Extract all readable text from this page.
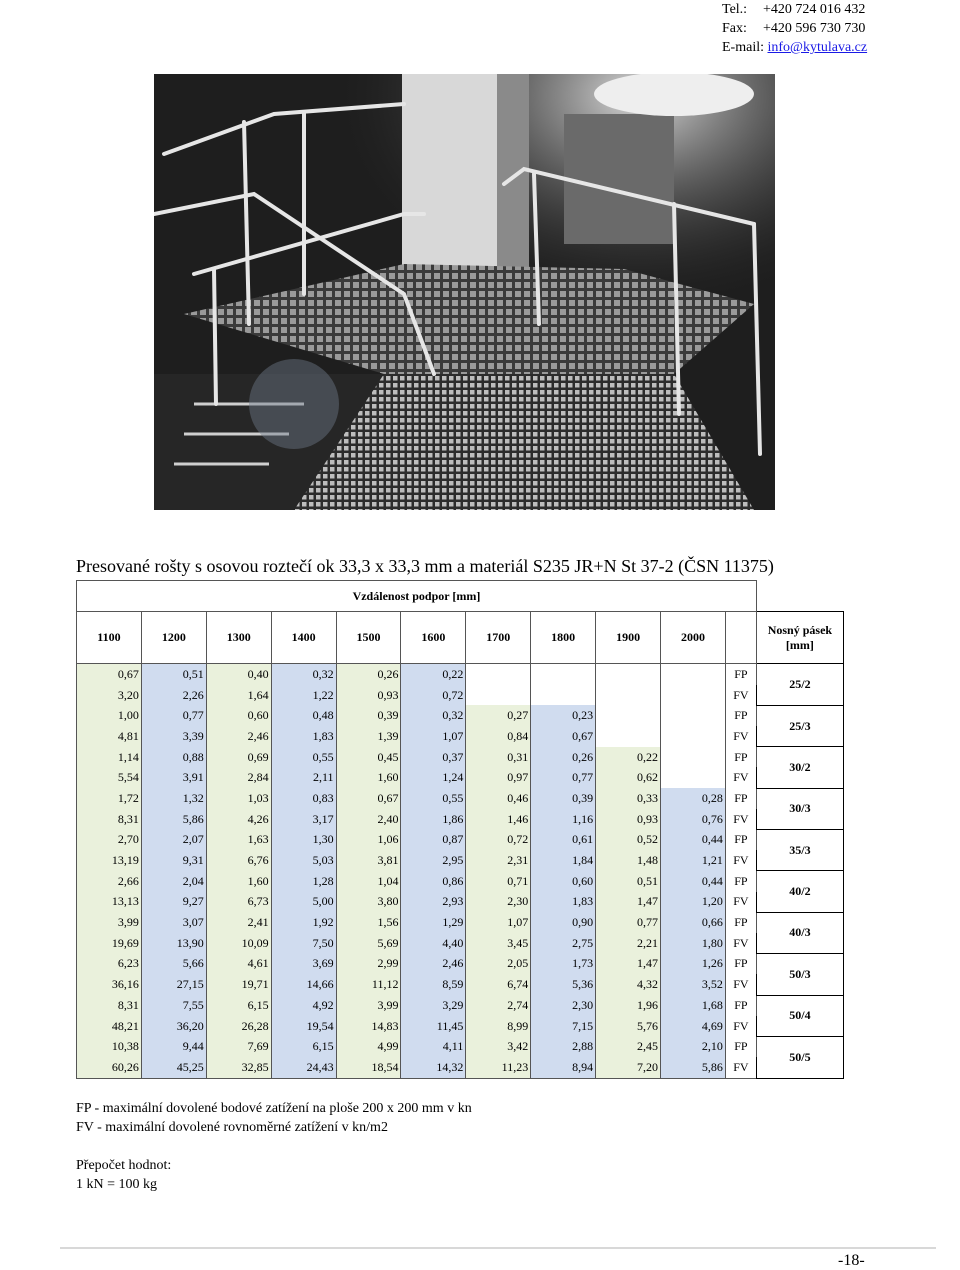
Tel.: +420 724 016 432
Fax: +420 596 730 730
E-mail: info@kytulava.cz
Presované rošty s osovou roztečí ok 33,3 x 33,3 mm a materiál S235 JR+N St 37-2 (ČSN 11375)
Vzdálenost podpor [mm]											
1100	1200	1300	1400	1500	1600	1700	1800	1900	2000		Nosný pásek [mm]
0,67	0,51	0,40	0,32	0,26	0,22					FP	25/2
3,20	2,26	1,64	1,22	0,93	0,72					FV	
1,00	0,77	0,60	0,48	0,39	0,32	0,27	0,23			FP	25/3
4,81	3,39	2,46	1,83	1,39	1,07	0,84	0,67			FV	
1,14	0,88	0,69	0,55	0,45	0,37	0,31	0,26	0,22		FP	30/2
5,54	3,91	2,84	2,11	1,60	1,24	0,97	0,77	0,62		FV	
1,72	1,32	1,03	0,83	0,67	0,55	0,46	0,39	0,33	0,28	FP	30/3
8,31	5,86	4,26	3,17	2,40	1,86	1,46	1,16	0,93	0,76	FV	
2,70	2,07	1,63	1,30	1,06	0,87	0,72	0,61	0,52	0,44	FP	35/3
13,19	9,31	6,76	5,03	3,81	2,95	2,31	1,84	1,48	1,21	FV	
2,66	2,04	1,60	1,28	1,04	0,86	0,71	0,60	0,51	0,44	FP	40/2
13,13	9,27	6,73	5,00	3,80	2,93	2,30	1,83	1,47	1,20	FV	
3,99	3,07	2,41	1,92	1,56	1,29	1,07	0,90	0,77	0,66	FP	40/3
19,69	13,90	10,09	7,50	5,69	4,40	3,45	2,75	2,21	1,80	FV	
6,23	5,66	4,61	3,69	2,99	2,46	2,05	1,73	1,47	1,26	FP	50/3
36,16	27,15	19,71	14,66	11,12	8,59	6,74	5,36	4,32	3,52	FV	
8,31	7,55	6,15	4,92	3,99	3,29	2,74	2,30	1,96	1,68	FP	50/4
48,21	36,20	26,28	19,54	14,83	11,45	8,99	7,15	5,76	4,69	FV	
10,38	9,44	7,69	6,15	4,99	4,11	3,42	2,88	2,45	2,10	FP	50/5
60,26	45,25	32,85	24,43	18,54	14,32	11,23	8,94	7,20	5,86	FV	
FP - maximální dovolené bodové zatížení na ploše 200 x 200 mm v kn
FV - maximální dovolené rovnoměrné zatížení v kn/m2
Přepočet hodnot:
1 kN = 100 kg
-18-
